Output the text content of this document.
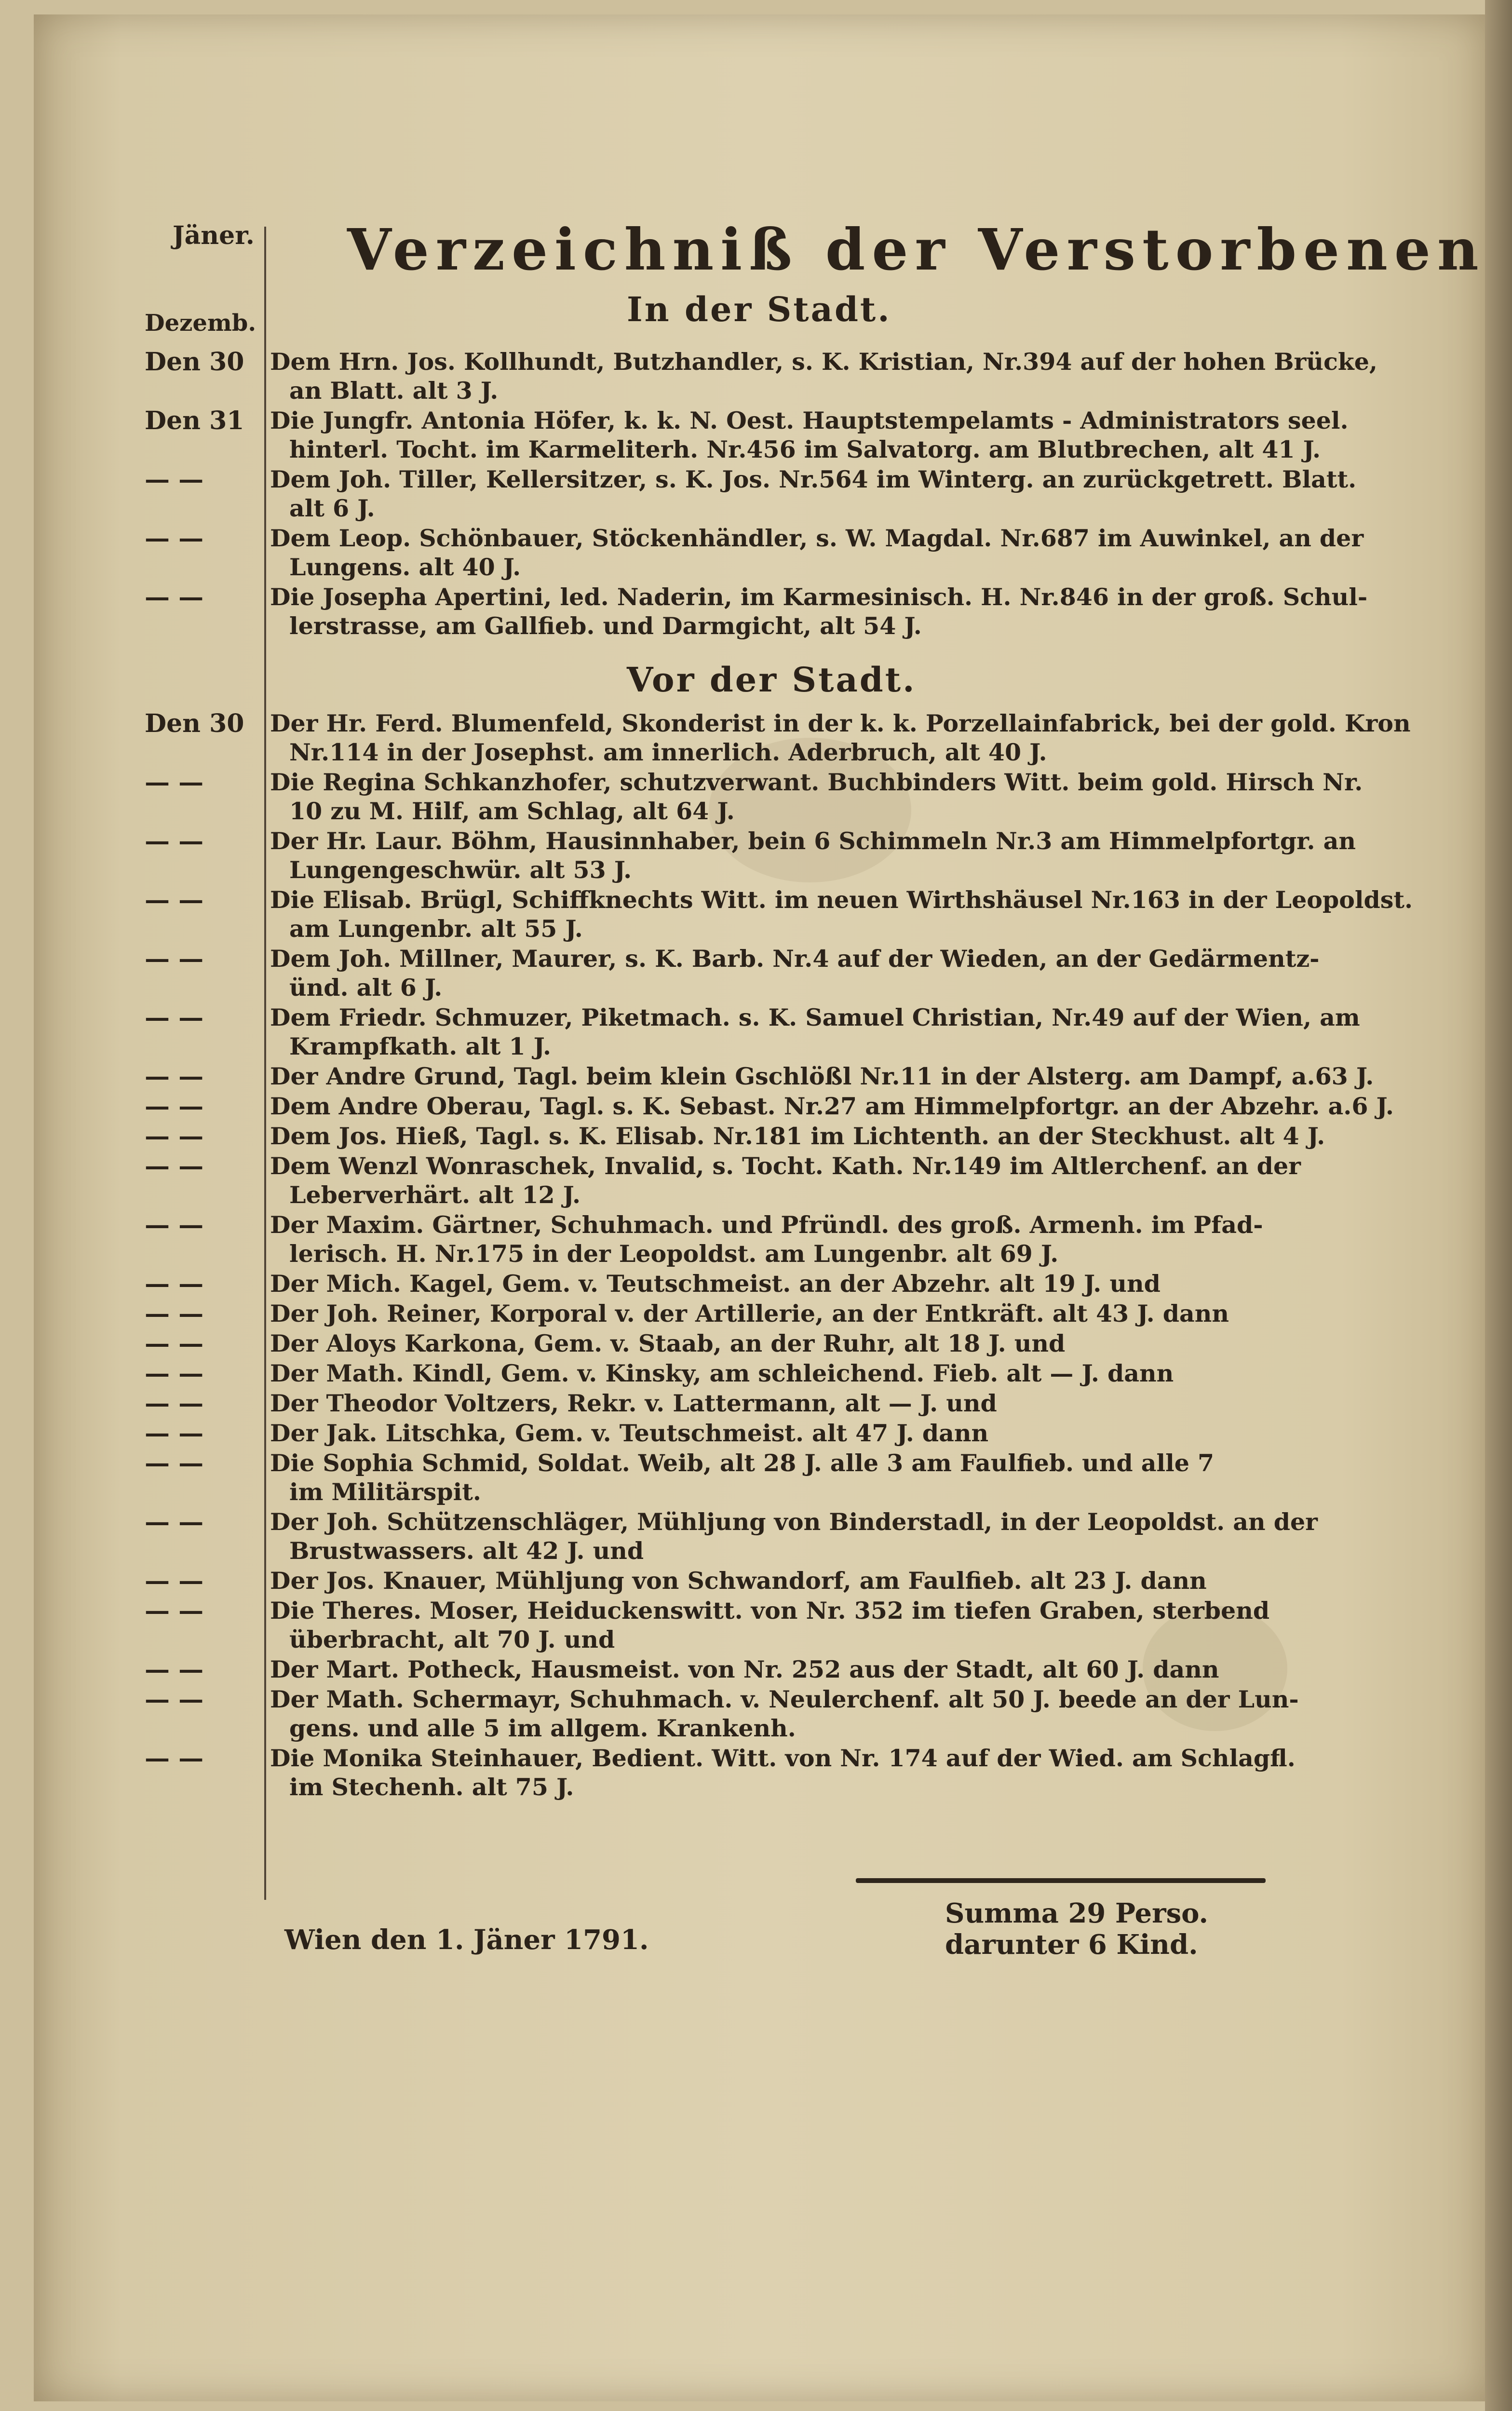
Jäner. Verzeichniß der Verstorbenen
In der Stadt.
Dezemb.
Vor der Stadt.
Den 30	Dem Hrn. Jos. Kollhundt, Butzhandler, s. K. Kristian, Nr.394 auf der hohen Brücke,
an Blatt. alt 3 J.
Den 31	Die Jungfr. Antonia Höfer, k. k. N. Oest. Hauptstempelamts - Administrators seel.
hinterl. Tocht. im Karmeliterh. Nr.456 im Salvatorg. am Blutbrechen, alt 41 J.
— —	Dem Joh. Tiller, Kellersitzer, s. K. Jos. Nr.564 im Winterg. an zurückgetrett. Blatt.
alt 6 J.
— —	Dem Leop. Schönbauer, Stöckenhändler, s. W. Magdal. Nr.687 im Auwinkel, an der
Lungens. alt 40 J.
— —	Die Josepha Apertini, led. Naderin, im Karmesinisch. H. Nr.846 in der groß. Schul-
lerstrasse, am Gallfieb. und Darmgicht, alt 54 J.
Den 30	Der Hr. Ferd. Blumenfeld, Skonderist in der k. k. Porzellainfabrick, bei der gold. Kron
Nr.114 in der Josephst. am innerlich. Aderbruch, alt 40 J.
— —	Die Regina Schkanzhofer, schutzverwant. Buchbinders Witt. beim gold. Hirsch Nr.
10 zu M. Hilf, am Schlag, alt 64 J.
— —	Der Hr. Laur. Böhm, Hausinnhaber, bein 6 Schimmeln Nr.3 am Himmelpfortgr. an
Lungengeschwür. alt 53 J.
— —	Die Elisab. Brügl, Schiffknechts Witt. im neuen Wirthshäusel Nr.163 in der Leopoldst.
am Lungenbr. alt 55 J.
— —	Dem Joh. Millner, Maurer, s. K. Barb. Nr.4 auf der Wieden, an der Gedärmentz-
ünd. alt 6 J.
— —	Dem Friedr. Schmuzer, Piketmach. s. K. Samuel Christian, Nr.49 auf der Wien, am
Krampfkath. alt 1 J.
— —	Der Andre Grund, Tagl. beim klein Gschlößl Nr.11 in der Alsterg. am Dampf, a.63 J.
— —	Dem Andre Oberau, Tagl. s. K. Sebast. Nr.27 am Himmelpfortgr. an der Abzehr. a.6 J.
— —	Dem Jos. Hieß, Tagl. s. K. Elisab. Nr.181 im Lichtenth. an der Steckhust. alt 4 J.
— —	Dem Wenzl Wonraschek, Invalid, s. Tocht. Kath. Nr.149 im Altlerchenf. an der
Leberverhärt. alt 12 J.
— —	Der Maxim. Gärtner, Schuhmach. und Pfründl. des groß. Armenh. im Pfad-
lerisch. H. Nr.175 in der Leopoldst. am Lungenbr. alt 69 J.
— —	Der Mich. Kagel, Gem. v. Teutschmeist. an der Abzehr. alt 19 J. und
— —	Der Joh. Reiner, Korporal v. der Artillerie, an der Entkräft. alt 43 J. dann
— —	Der Aloys Karkona, Gem. v. Staab, an der Ruhr, alt 18 J. und
— —	Der Math. Kindl, Gem. v. Kinsky, am schleichend. Fieb. alt — J. dann
— —	Der Theodor Voltzers, Rekr. v. Lattermann, alt — J. und
— —	Der Jak. Litschka, Gem. v. Teutschmeist. alt 47 J. dann
— —	Die Sophia Schmid, Soldat. Weib, alt 28 J. alle 3 am Faulfieb. und alle 7
im Militärspit.
— —	Der Joh. Schützenschläger, Mühljung von Binderstadl, in der Leopoldst. an der
Brustwassers. alt 42 J. und
— —	Der Jos. Knauer, Mühljung von Schwandorf, am Faulfieb. alt 23 J. dann
— —	Die Theres. Moser, Heiduckenswitt. von Nr. 352 im tiefen Graben, sterbend
überbracht, alt 70 J. und
— —	Der Mart. Potheck, Hausmeist. von Nr. 252 aus der Stadt, alt 60 J. dann
— —	Der Math. Schermayr, Schuhmach. v. Neulerchenf. alt 50 J. beede an der Lun-
gens. und alle 5 im allgem. Krankenh.
— —	Die Monika Steinhauer, Bedient. Witt. von Nr. 174 auf der Wied. am Schlagfl.
im Stechenh. alt 75 J.
Summa 29 Perso.
darunter 6 Kind.
Wien den 1. Jäner 1791.
